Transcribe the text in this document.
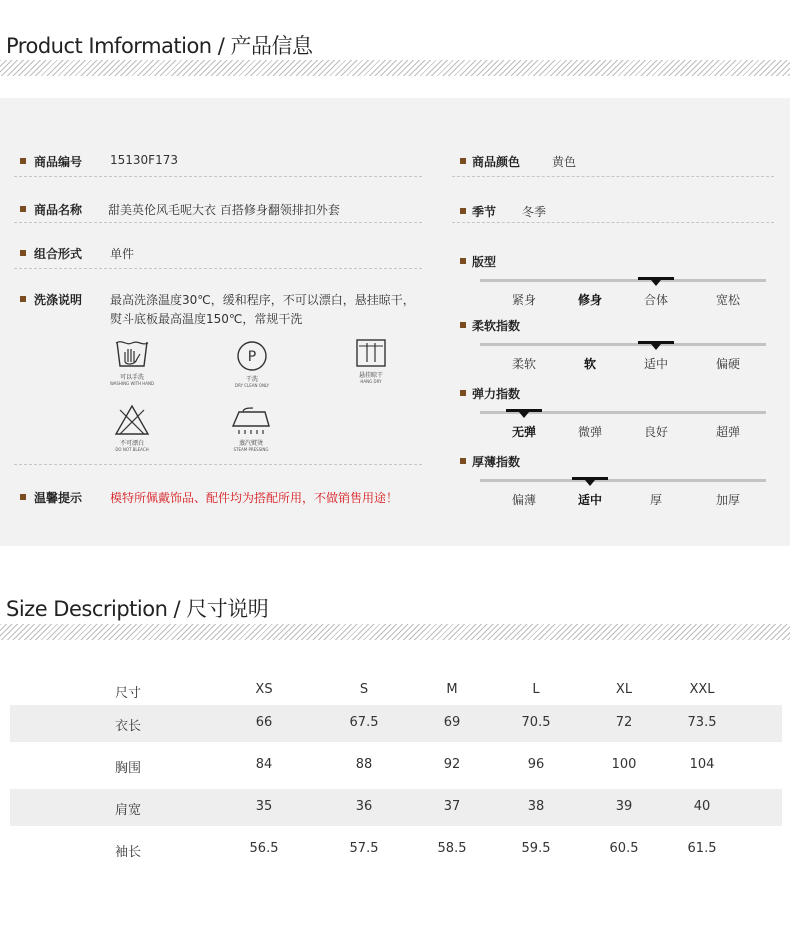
Product Imformation / 产品信息
商品编号 15130F173
商品名称 甜美英伦风毛呢大衣 百搭修身翻领排扣外套
组合形式 单件
洗涤说明 最高洗涤温度30℃，缓和程序，不可以漂白，悬挂晾干，
熨斗底板最高温度150℃，常规干洗
可以手洗
WASHING WITH HAND
P
干洗
DRY CLEAN ONLY
悬挂晾干
HANG DRY
不可漂白
DO NOT BLEACH
蒸汽熨烫
STEAM PRESSING
温馨提示 模特所佩戴饰品、配件均为搭配所用，不做销售用途！
商品颜色	黄色
季节 冬季
版型
紧身	修身	合体	宽松
柔软指数
柔软	软	适中	偏硬
弹力指数
无弹	微弹	良好	超弹
厚薄指数
偏薄	适中	厚	加厚
Size Description / 尺寸说明
尺寸	XS	S	M	L	XL	XXL
衣长	66	67.5	69	70.5	72	73.5
胸围	84	88	92	96	100	104
肩宽	35	36	37	38	39	40
袖长	56.5	57.5	58.5	59.5	60.5	61.5
